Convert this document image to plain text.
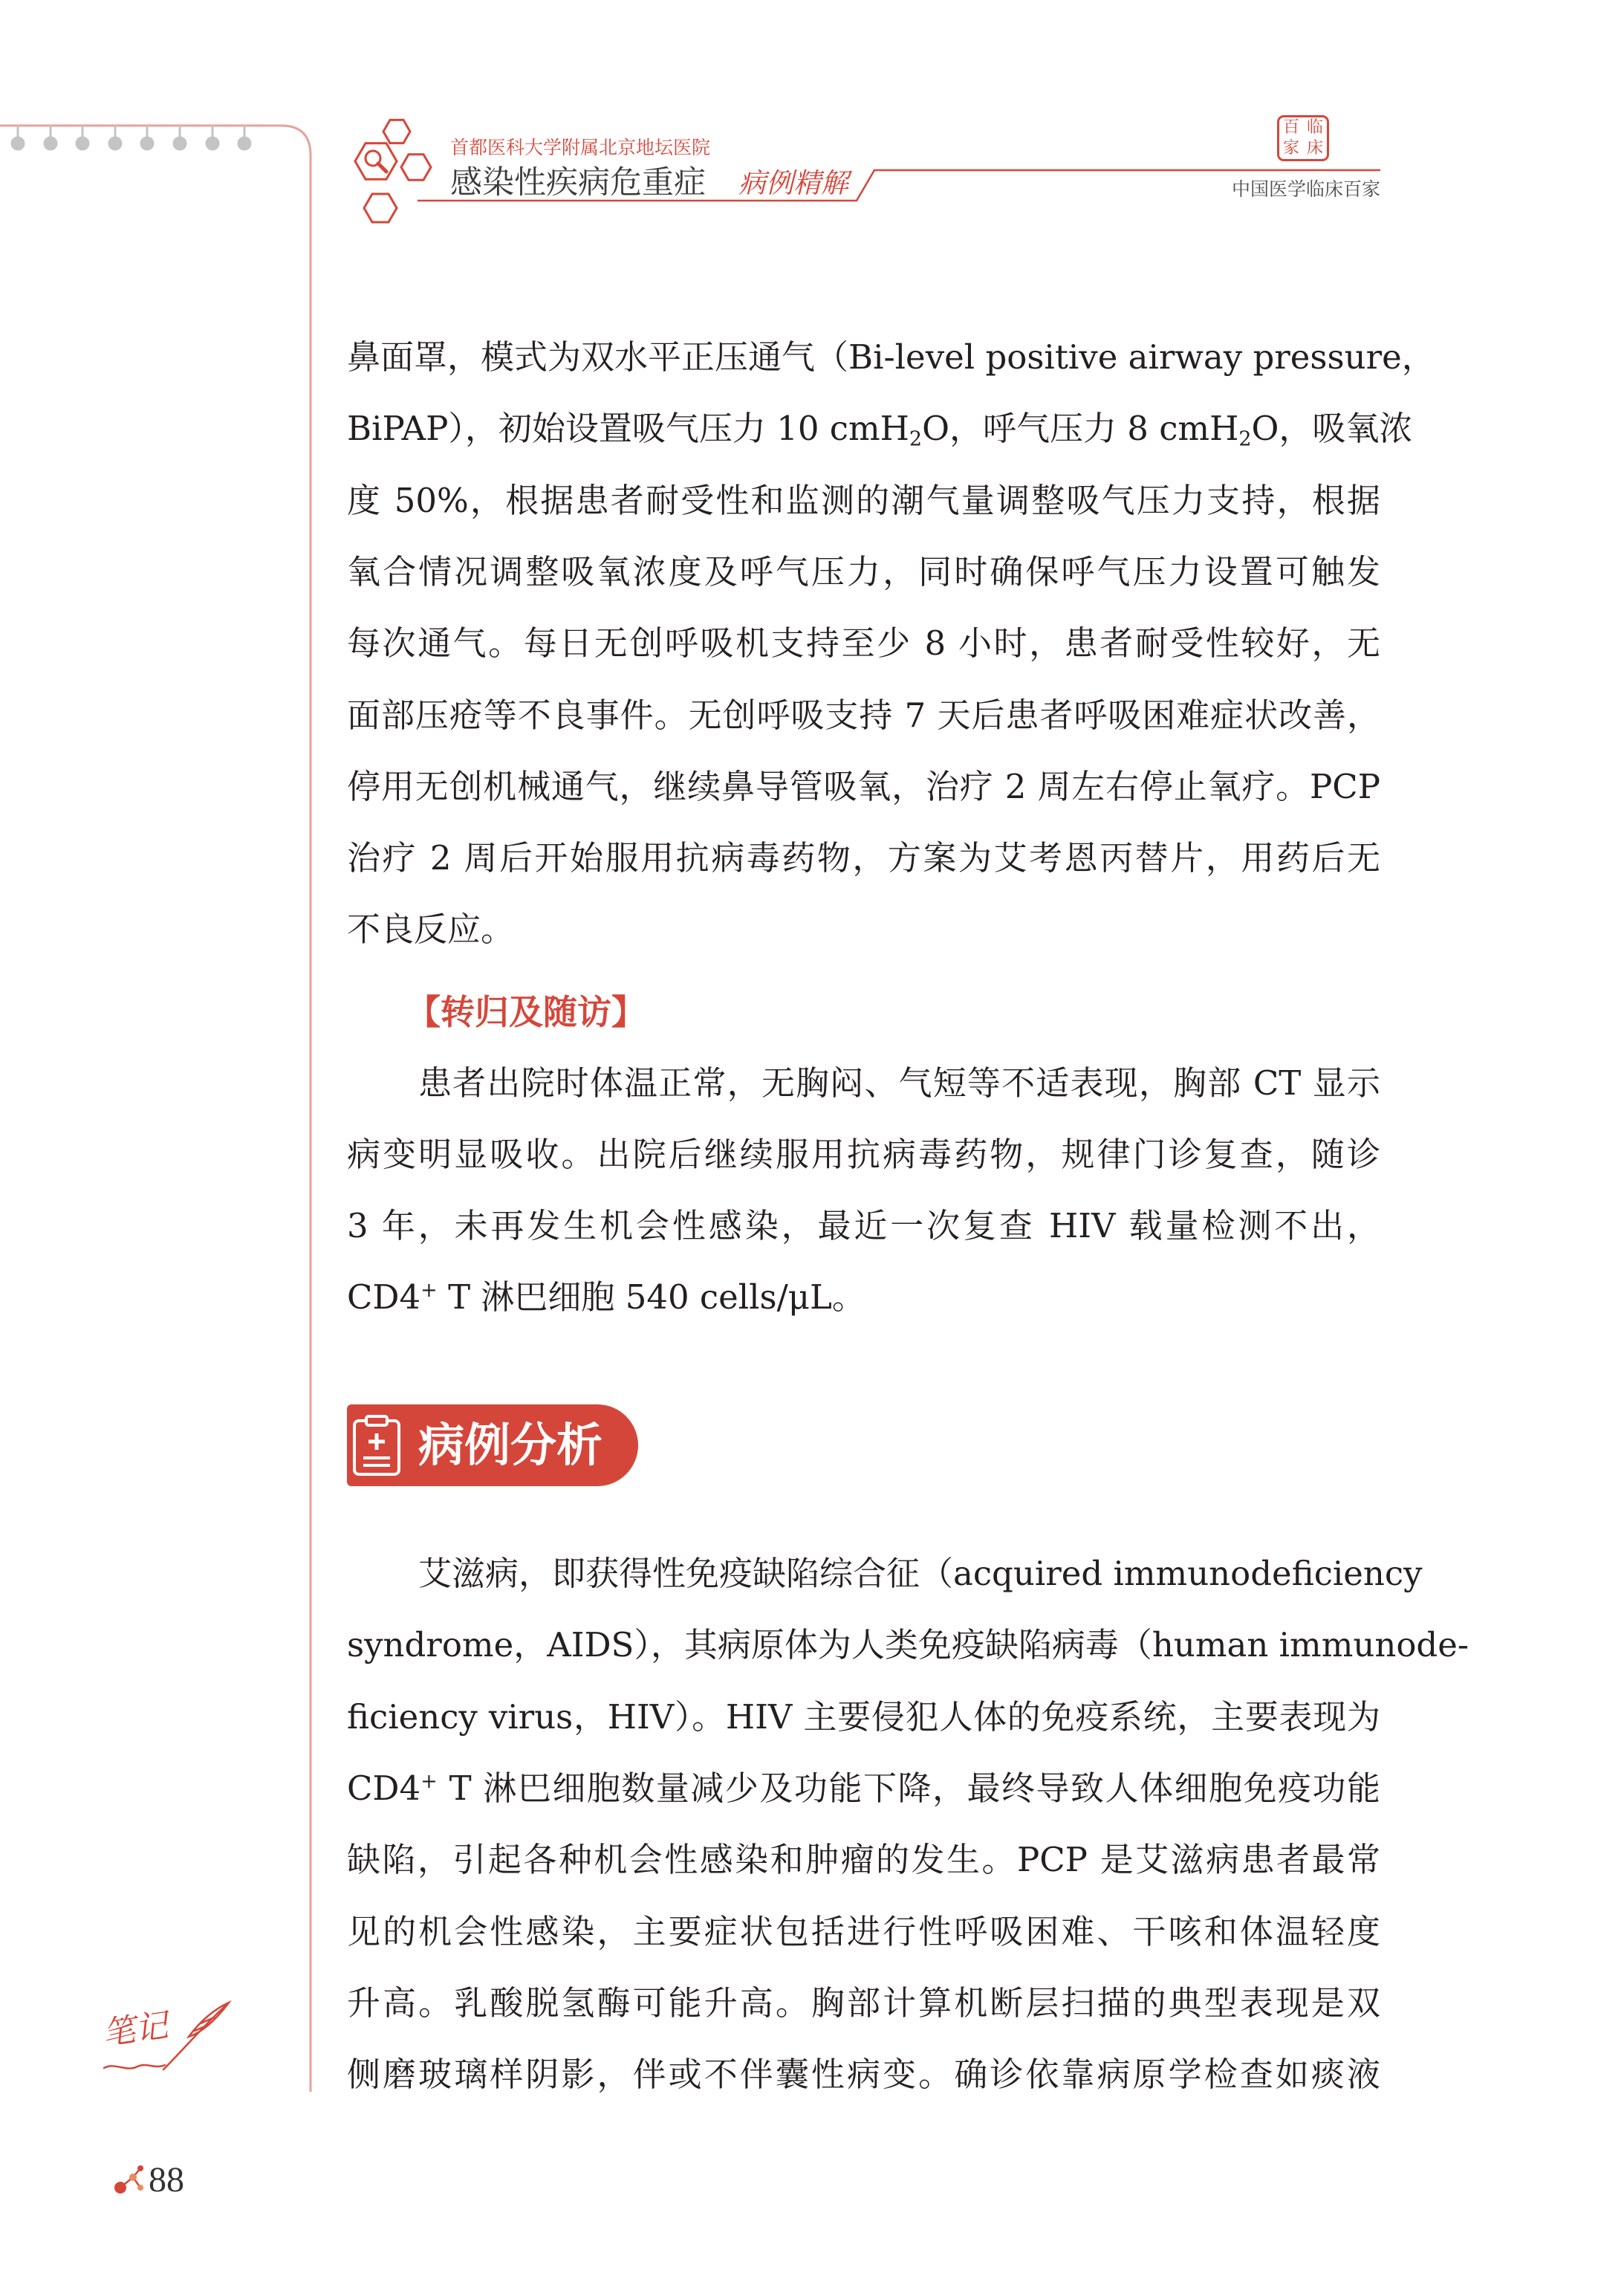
首都医科大学附属北京地坛医院
感染性疾病危重症 病例精解
百 临
家 床
中国医学临床百家
鼻面罩，模式为双水平正压通气（Bi-level positive airway pressure，
BiPAP），初始设置吸气压力 10 cmH$_2$O，呼气压力 8 cmH$_2$O，吸氧浓
度 50%，根据患者耐受性和监测的潮气量调整吸气压力支持，根据
氧合情况调整吸氧浓度及呼气压力，同时确保呼气压力设置可触发
每次通气。每日无创呼吸机支持至少 8 小时，患者耐受性较好，无
面部压疮等不良事件。无创呼吸支持 7 天后患者呼吸困难症状改善，
停用无创机械通气，继续鼻导管吸氧，治疗 2 周左右停止氧疗。PCP
治疗 2 周后开始服用抗病毒药物，方案为艾考恩丙替片，用药后无
不良反应。
【转归及随访】
患者出院时体温正常，无胸闷、气短等不适表现，胸部 CT 显示
病变明显吸收。出院后继续服用抗病毒药物，规律门诊复查，随诊
3 年，未再发生机会性感染，最近一次复查 HIV 载量检测不出，
CD4+ T 淋巴细胞 540 cells/μL。
病例分析
艾滋病，即获得性免疫缺陷综合征（acquired immunodeficiency
syndrome，AIDS），其病原体为人类免疫缺陷病毒（human immunode-
ficiency virus，HIV）。HIV 主要侵犯人体的免疫系统，主要表现为
CD4+ T 淋巴细胞数量减少及功能下降，最终导致人体细胞免疫功能
缺陷，引起各种机会性感染和肿瘤的发生。PCP 是艾滋病患者最常
见的机会性感染，主要症状包括进行性呼吸困难、干咳和体温轻度
升高。乳酸脱氢酶可能升高。胸部计算机断层扫描的典型表现是双
侧磨玻璃样阴影，伴或不伴囊性病变。确诊依靠病原学检查如痰液
笔记
88
